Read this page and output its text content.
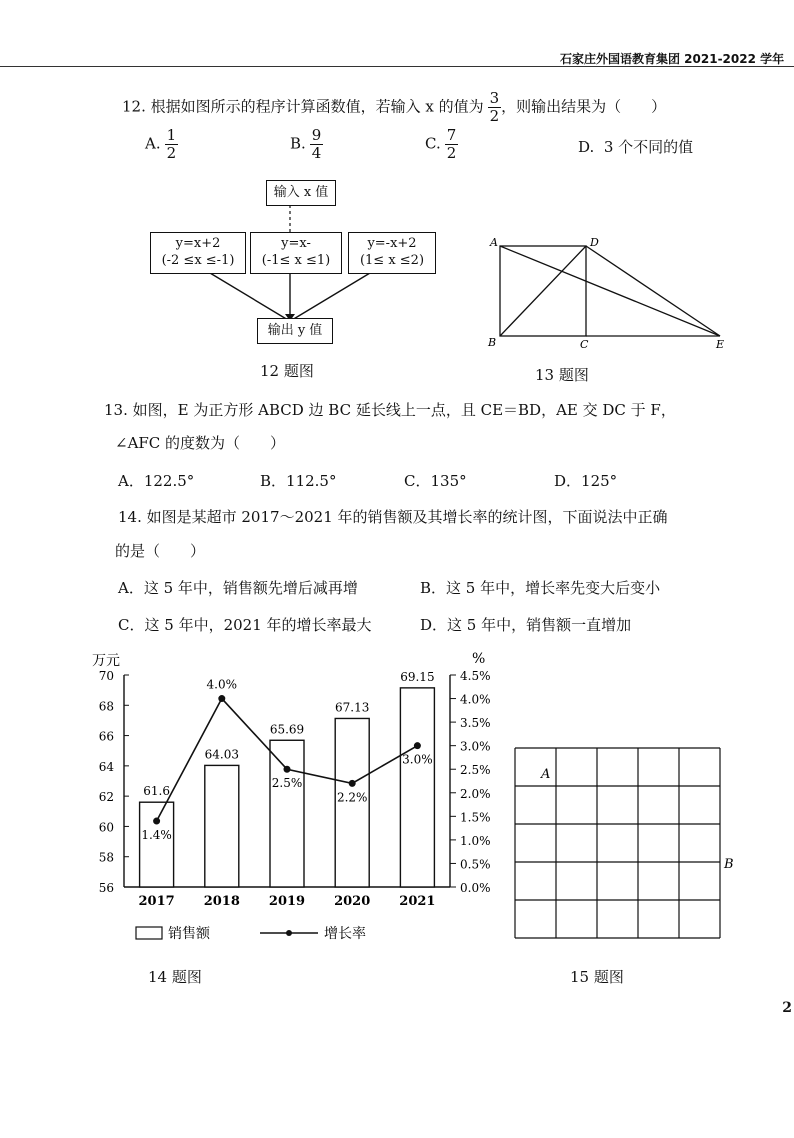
石家庄外国语教育集团 2021-2022 学年
12. 根据如图所示的程序计算函数值，若输入 x 的值为 $\frac{3}{2}$ ，则输出结果为（　　）
A. $\frac{1}{2}$	B. $\frac{9}{4}$	C. $\frac{7}{2}$	D. 3 个不同的值
输入 x 值
y=x+2
(-2 ≤x ≤-1)
y=x-
(-1≤ x ≤1)
y=-x+2
(1≤ x ≤2)
输出 y 值
12 题图
A	D
B	C	E
13 题图
13. 如图，E 为正方形 ABCD 边 BC 延长线上一点，且 CE＝BD，AE 交 DC 于 F，
∠AFC 的度数为（　　）
A．122.5°	B．112.5°	C．135°	D．125°
14. 如图是某超市 2017～2021 年的销售额及其增长率的统计图，下面说法中正确
的是（　　）
A．这 5 年中，销售额先增后减再增	B．这 5 年中，增长率先变大后变小
C．这 5 年中，2021 年的增长率最大	D．这 5 年中，销售额一直增加
万元	%
56
58
60
62
64
66
68
70
0.0%
0.5%
1.0%
1.5%
2.0%
2.5%
3.0%
3.5%
4.0%
4.5%
61.6
2017
64.03
2018
65.69
2019
67.13
2020
69.15
2021
1.4%
4.0%
2.5%
2.2%
3.0%
销售额	增长率
14 题图
A
B
15 题图
2
